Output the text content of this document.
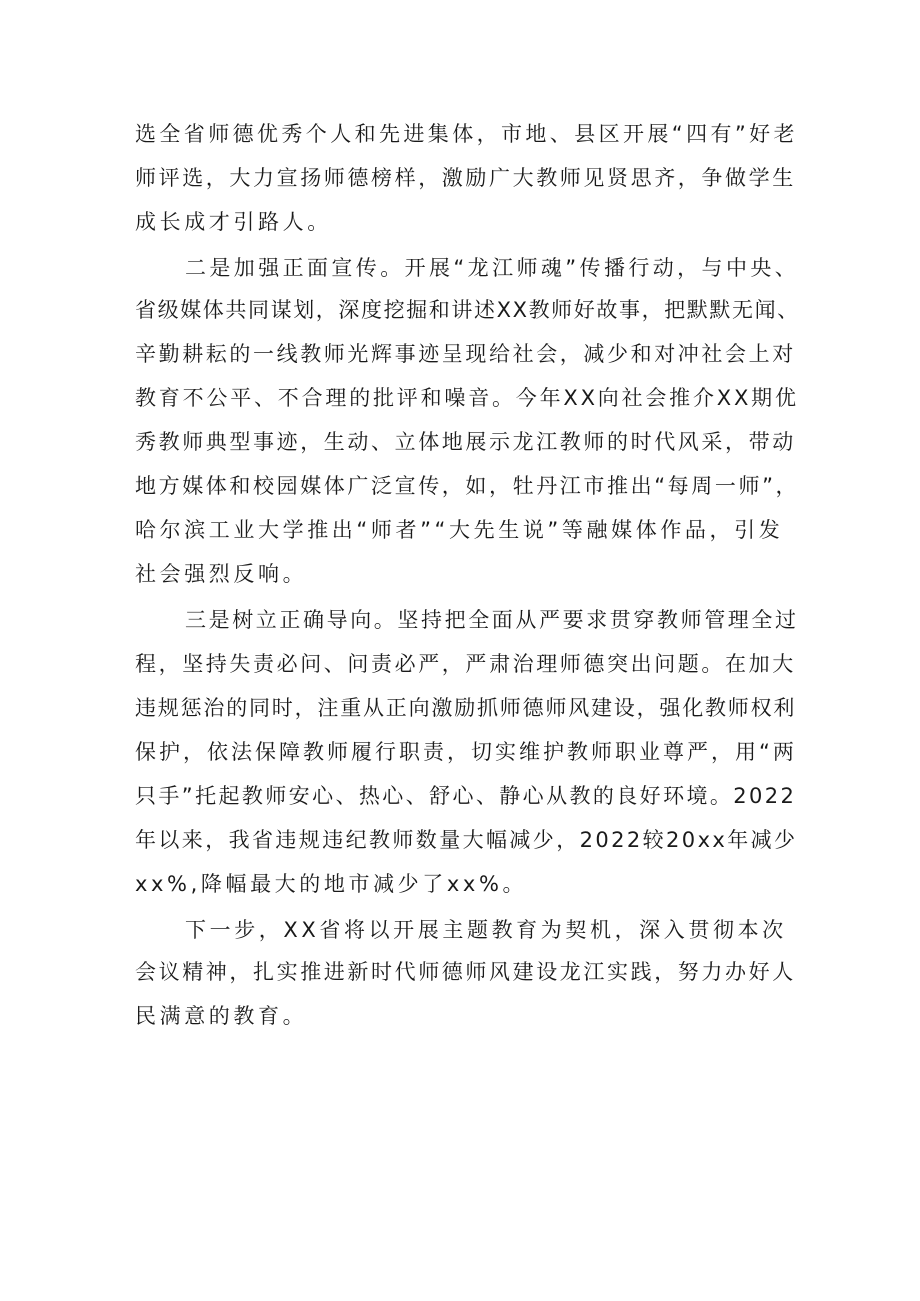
选全省师德优秀个人和先进集体，市地、县区开展“四有”好老
师评选，大力宣扬师德榜样，激励广大教师见贤思齐，争做学生
成长成才引路人。
二是加强正面宣传。开展“龙江师魂”传播行动，与中央、
省级媒体共同谋划，深度挖掘和讲述XX教师好故事，把默默无闻、
辛勤耕耘的一线教师光辉事迹呈现给社会，减少和对冲社会上对
教育不公平、不合理的批评和噪音。今年XX向社会推介XX期优
秀教师典型事迹，生动、立体地展示龙江教师的时代风采，带动
地方媒体和校园媒体广泛宣传，如，牡丹江市推出“每周一师”，
哈尔滨工业大学推出“师者”“大先生说”等融媒体作品，引发
社会强烈反响。
三是树立正确导向。坚持把全面从严要求贯穿教师管理全过
程，坚持失责必问、问责必严，严肃治理师德突出问题。在加大
违规惩治的同时，注重从正向激励抓师德师风建设，强化教师权利
保护，依法保障教师履行职责，切实维护教师职业尊严，用“两
只手”托起教师安心、热心、舒心、静心从教的良好环境。2022
年以来，我省违规违纪教师数量大幅减少，2022较20xx年减少
xx%,降幅最大的地市减少了xx%。
下一步，XX省将以开展主题教育为契机，深入贯彻本次
会议精神，扎实推进新时代师德师风建设龙江实践，努力办好人
民满意的教育。
